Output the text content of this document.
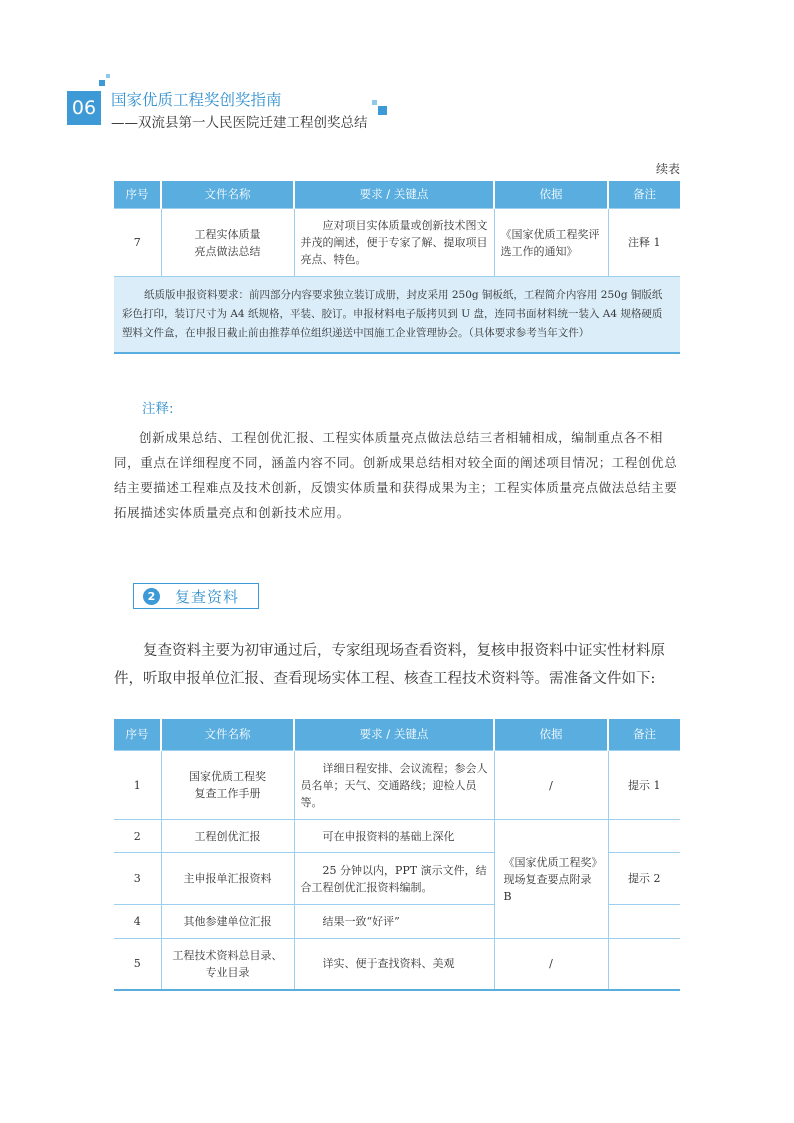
06 国家优质工程奖创奖指南
——双流县第一人民医院迁建工程创奖总结
续表
序号	文件名称	要求 / 关键点	依据	备注
7	工程实体质量
亮点做法总结	应对项目实体质量或创新技术图文并茂的阐述，便于专家了解、提取项目亮点、特色。	《国家优质工程奖评选工作的通知》	注释 1
纸质版申报资料要求：前四部分内容要求独立装订成册，封皮采用 250g 铜板纸，工程简介内容用 250g 铜版纸彩色打印，装订尺寸为 A4 纸规格，平装、胶订。申报材料电子版拷贝到 U 盘，连同书面材料统一装入 A4 规格硬质塑料文件盒，在申报日截止前由推荐单位组织递送中国施工企业管理协会。（具体要求参考当年文件）				
注释:
创新成果总结、工程创优汇报、工程实体质量亮点做法总结三者相辅相成，编制重点各不相同，重点在详细程度不同，涵盖内容不同。创新成果总结相对较全面的阐述项目情况；工程创优总结主要描述工程难点及技术创新，反馈实体质量和获得成果为主；工程实体质量亮点做法总结主要拓展描述实体质量亮点和创新技术应用。
2	复查资料
复查资料主要为初审通过后，专家组现场查看资料，复核申报资料中证实性材料原件，听取申报单位汇报、查看现场实体工程、核查工程技术资料等。需准备文件如下:
序号	文件名称	要求 / 关键点	依据	备注
1	国家优质工程奖
复查工作手册	详细日程安排、会议流程；参会人员名单；天气、交通路线；迎检人员等。	/	提示 1
2	工程创优汇报	可在申报资料的基础上深化	《国家优质工程奖》现场复查要点附录 B	
3	主申报单汇报资料	25 分钟以内，PPT 演示文件，结合工程创优汇报资料编制。		提示 2
4	其他参建单位汇报	结果一致“好评”		
5	工程技术资料总目录、
专业目录	详实、便于查找资料、美观	/	
